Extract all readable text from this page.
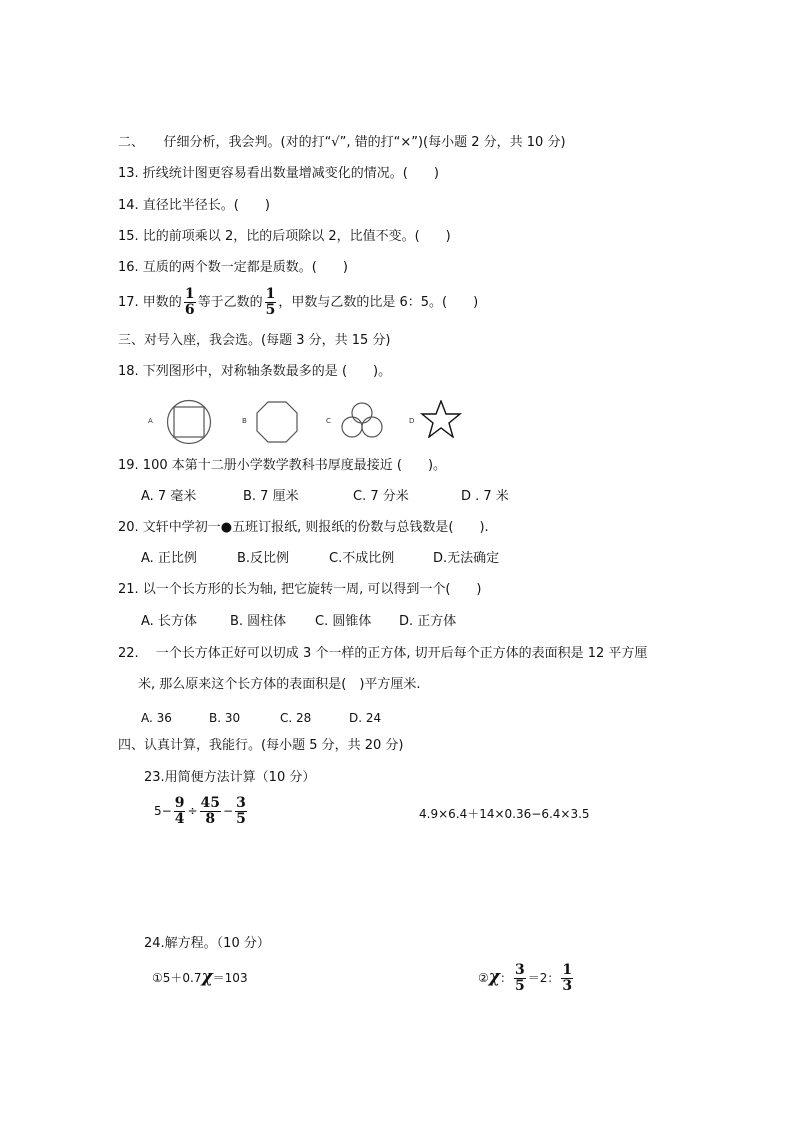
二、　　仔细分析，我会判。(对的打“√”, 错的打“×”)(每小题 2 分，共 10 分)
13. 折线统计图更容易看出数量增减变化的情况。(　　)
14. 直径比半径长。(　　)
15. 比的前项乘以 2，比的后项除以 2，比值不变。(　　)
16. 互质的两个数一定都是质数。(　　)
17. 甲数的 $\frac{1}{6}$ 等于乙数的 $\frac{1}{5}$ ，甲数与乙数的比是 6：5。(　　)
三、对号入座，我会选。(每题 3 分，共 15 分)
18. 下列图形中，对称轴条数最多的是 (　　)。
A	B	C	D
19. 100 本第十二册小学数学教科书厚度最接近 (　　)。
A. 7 毫米	B. 7 厘米	C. 7 分米	D . 7 米
20. 文轩中学初一●五班订报纸, 则报纸的份数与总钱数是(　　).
A. 正比例	B.反比例	C.不成比例	D.无法确定
21. 以一个长方形的长为轴, 把它旋转一周, 可以得到一个(　　)
A. 长方体	B. 圆柱体 C. 圆锥体 D. 正方体
22.　 一个长方体正好可以切成 3 个一样的正方体, 切开后每个正方体的表面积是 12 平方厘
米, 那么原来这个长方体的表面积是(　)平方厘米.
A. 36	B. 30	C. 28	D. 24
四、认真计算，我能行。(每小题 5 分，共 20 分)
23.用简便方法计算（10 分）
$5- \frac{9}{4} \div \frac{45}{8} - \frac{3}{5}$	4.9×6.4＋14×0.36−6.4×3.5
24.解方程。（10 分）
①5＋0.7χ＝103	②χ： $\frac{3}{5} =2$： $\frac{1}{3}$
